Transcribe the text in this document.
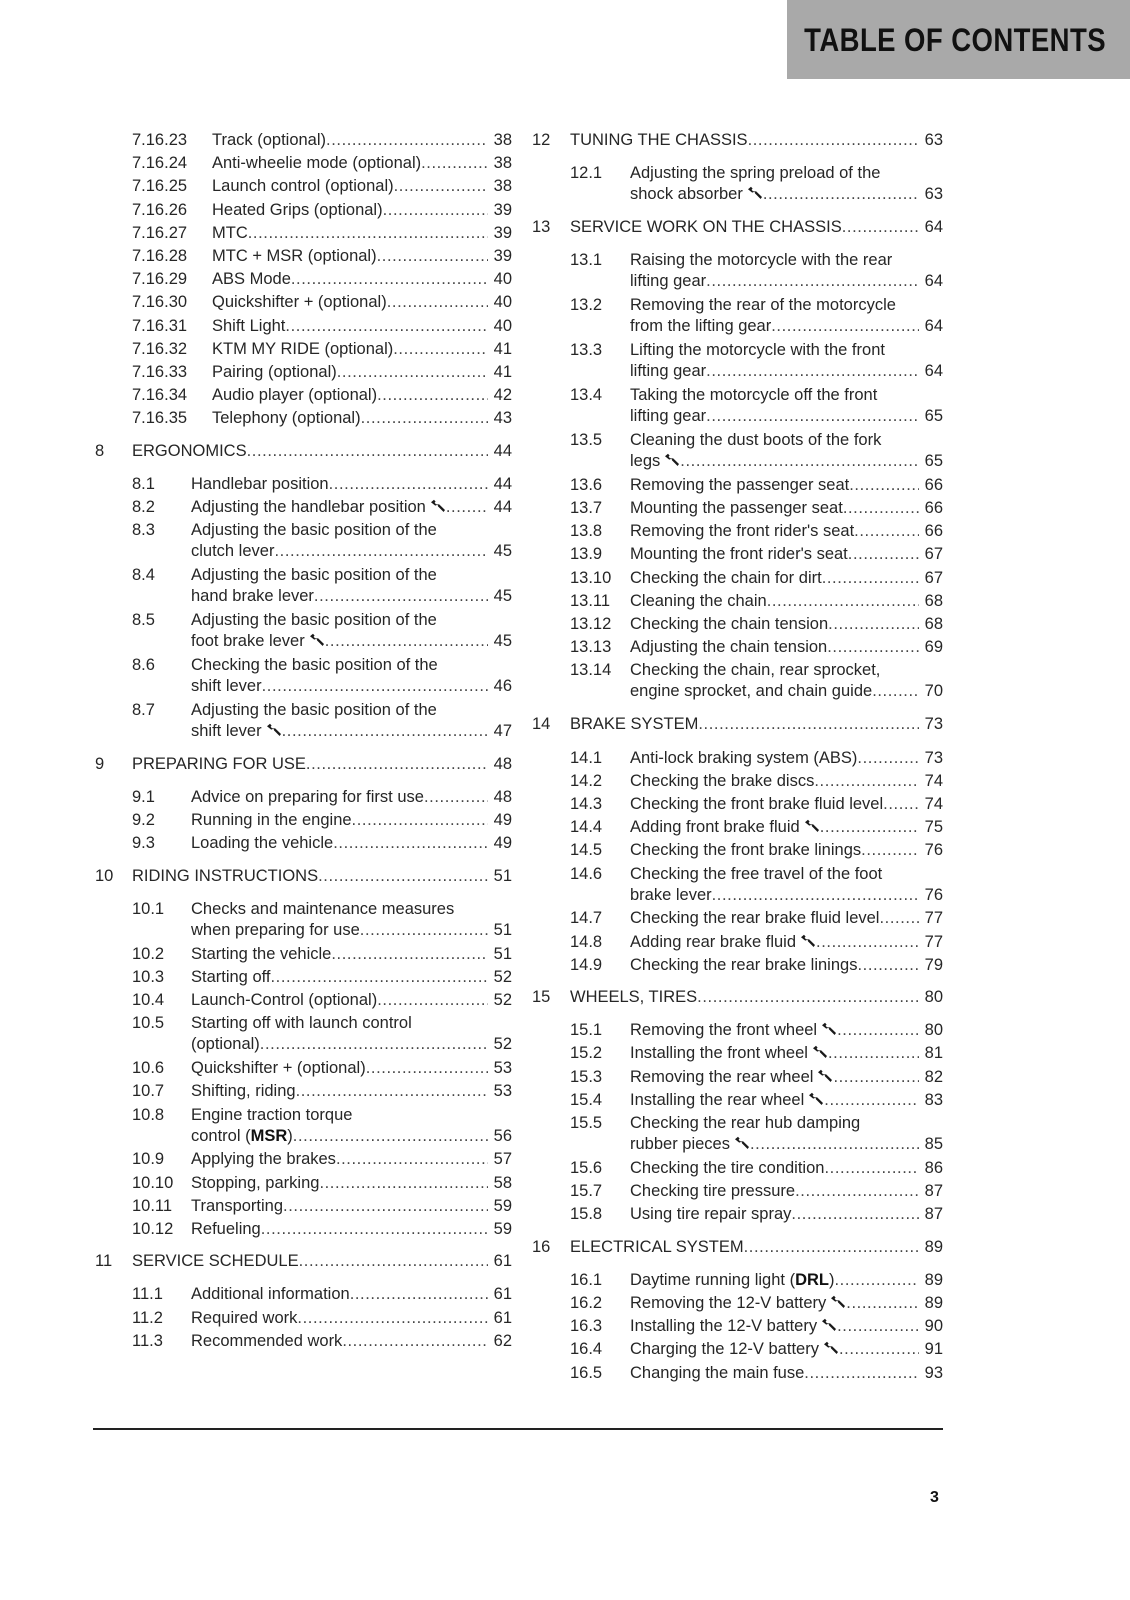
TABLE OF CONTENTS
7.16.23 Track (optional) .....	38
7.16.24 Anti-wheelie mode (optional) .....	38
7.16.25 Launch control (optional) .....	38
7.16.26 Heated Grips (optional) .....	39
7.16.27 MTC .....	39
7.16.28 MTC + MSR (optional) .....	39
7.16.29 ABS Mode .....	40
7.16.30 Quickshifter + (optional) .....	40
7.16.31 Shift Light .....	40
7.16.32 KTM MY RIDE (optional) .....	41
7.16.33 Pairing (optional) .....	41
7.16.34 Audio player (optional) .....	42
7.16.35 Telephony (optional) .....	43
8 ERGONOMICS .....	44
8.1 Handlebar position .....	44
8.2 Adjusting the handlebar position .....	44
8.3 Adjusting the basic position of the
clutch lever .....	45
8.4 Adjusting the basic position of the
hand brake lever .....	45
8.5 Adjusting the basic position of the
foot brake lever .....	45
8.6 Checking the basic position of the
shift lever .....	46
8.7 Adjusting the basic position of the
shift lever .....	47
9 PREPARING FOR USE .....	48
9.1 Advice on preparing for first use .....	48
9.2 Running in the engine .....	49
9.3 Loading the vehicle .....	49
10 RIDING INSTRUCTIONS .....	51
10.1 Checks and maintenance measures
when preparing for use .....	51
10.2 Starting the vehicle .....	51
10.3 Starting off .....	52
10.4 Launch-Control (optional) .....	52
10.5 Starting off with launch control
(optional) .....	52
10.6 Quickshifter + (optional) .....	53
10.7 Shifting, riding .....	53
10.8 Engine traction torque
control (MSR) .....	56
10.9 Applying the brakes .....	57
10.10 Stopping, parking .....	58
10.11 Transporting .....	59
10.12 Refueling .....	59
11 SERVICE SCHEDULE .....	61
11.1 Additional information .....	61
11.2 Required work .....	61
11.3 Recommended work .....	62
12 TUNING THE CHASSIS .....	63
12.1 Adjusting the spring preload of the
shock absorber .....	63
13 SERVICE WORK ON THE CHASSIS .....	64
13.1 Raising the motorcycle with the rear
lifting gear .....	64
13.2 Removing the rear of the motorcycle
from the lifting gear .....	64
13.3 Lifting the motorcycle with the front
lifting gear .....	64
13.4 Taking the motorcycle off the front
lifting gear .....	65
13.5 Cleaning the dust boots of the fork
legs .....	65
13.6 Removing the passenger seat .....	66
13.7 Mounting the passenger seat .....	66
13.8 Removing the front rider's seat .....	66
13.9 Mounting the front rider's seat .....	67
13.10 Checking the chain for dirt .....	67
13.11 Cleaning the chain .....	68
13.12 Checking the chain tension .....	68
13.13 Adjusting the chain tension .....	69
13.14 Checking the chain, rear sprocket,
engine sprocket, and chain guide .....	70
14 BRAKE SYSTEM .....	73
14.1 Anti-lock braking system (ABS) .....	73
14.2 Checking the brake discs .....	74
14.3 Checking the front brake fluid level .....	74
14.4 Adding front brake fluid .....	75
14.5 Checking the front brake linings .....	76
14.6 Checking the free travel of the foot
brake lever .....	76
14.7 Checking the rear brake fluid level .....	77
14.8 Adding rear brake fluid .....	77
14.9 Checking the rear brake linings .....	79
15 WHEELS, TIRES .....	80
15.1 Removing the front wheel .....	80
15.2 Installing the front wheel .....	81
15.3 Removing the rear wheel .....	82
15.4 Installing the rear wheel .....	83
15.5 Checking the rear hub damping
rubber pieces .....	85
15.6 Checking the tire condition .....	86
15.7 Checking tire pressure .....	87
15.8 Using tire repair spray .....	87
16 ELECTRICAL SYSTEM .....	89
16.1 Daytime running light (DRL) .....	89
16.2 Removing the 12-V battery .....	89
16.3 Installing the 12-V battery .....	90
16.4 Charging the 12-V battery .....	91
16.5 Changing the main fuse .....	93
3
